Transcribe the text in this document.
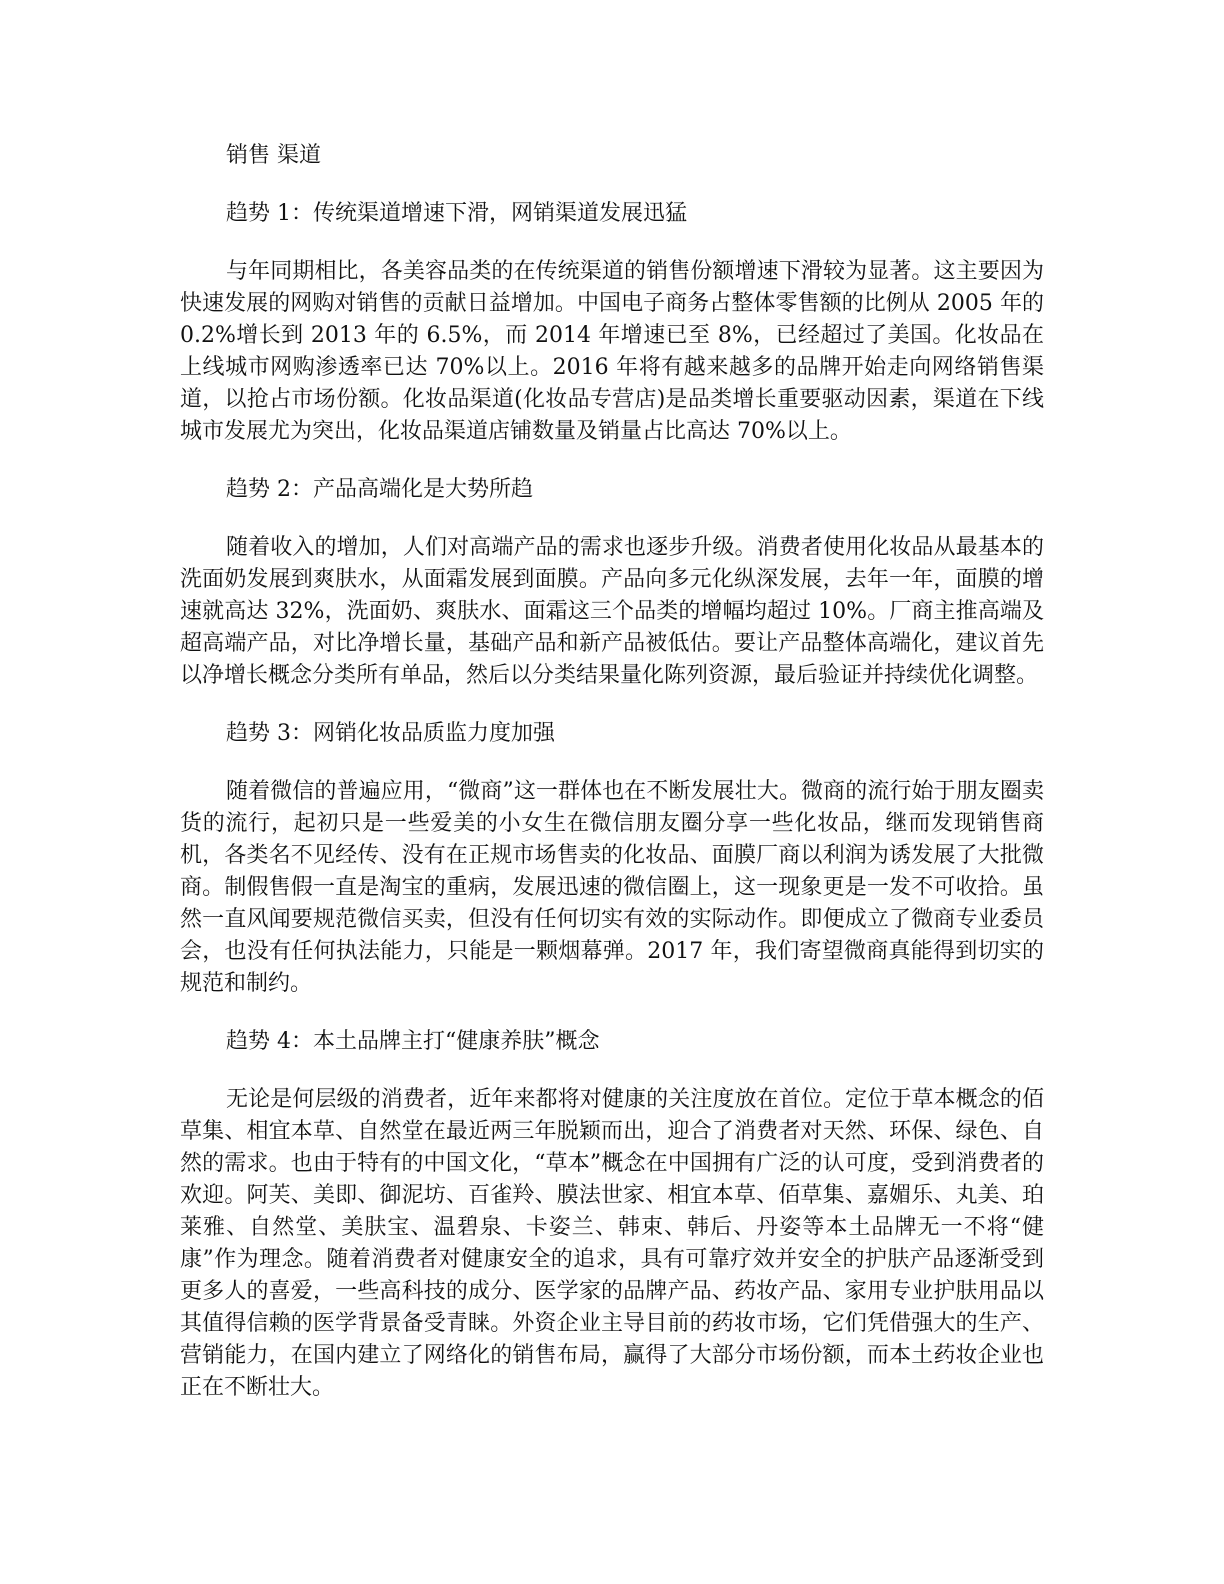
销售 渠道

趋势 1：传统渠道增速下滑，网销渠道发展迅猛

与年同期相比，各美容品类的在传统渠道的销售份额增速下滑较为显著。这主要因为快速发展的网购对销售的贡献日益增加。中国电子商务占整体零售额的比例从 2005 年的 0.2%增长到 2013 年的 6.5%，而 2014 年增速已至 8%，已经超过了美国。化妆品在上线城市网购渗透率已达 70%以上。2016 年将有越来越多的品牌开始走向网络销售渠道，以抢占市场份额。化妆品渠道(化妆品专营店)是品类增长重要驱动因素，渠道在下线城市发展尤为突出，化妆品渠道店铺数量及销量占比高达 70%以上。

趋势 2：产品高端化是大势所趋

随着收入的增加，人们对高端产品的需求也逐步升级。消费者使用化妆品从最基本的洗面奶发展到爽肤水，从面霜发展到面膜。产品向多元化纵深发展，去年一年，面膜的增速就高达 32%，洗面奶、爽肤水、面霜这三个品类的增幅均超过 10%。厂商主推高端及超高端产品，对比净增长量，基础产品和新产品被低估。要让产品整体高端化，建议首先以净增长概念分类所有单品，然后以分类结果量化陈列资源，最后验证并持续优化调整。

趋势 3：网销化妆品质监力度加强

随着微信的普遍应用，“微商”这一群体也在不断发展壮大。微商的流行始于朋友圈卖货的流行，起初只是一些爱美的小女生在微信朋友圈分享一些化妆品，继而发现销售商机，各类名不见经传、没有在正规市场售卖的化妆品、面膜厂商以利润为诱发展了大批微商。制假售假一直是淘宝的重病，发展迅速的微信圈上，这一现象更是一发不可收拾。虽然一直风闻要规范微信买卖，但没有任何切实有效的实际动作。即便成立了微商专业委员会，也没有任何执法能力，只能是一颗烟幕弹。2017 年，我们寄望微商真能得到切实的规范和制约。

趋势 4：本土品牌主打“健康养肤”概念

无论是何层级的消费者，近年来都将对健康的关注度放在首位。定位于草本概念的佰草集、相宜本草、自然堂在最近两三年脱颖而出，迎合了消费者对天然、环保、绿色、自然的需求。也由于特有的中国文化，“草本”概念在中国拥有广泛的认可度，受到消费者的欢迎。阿芙、美即、御泥坊、百雀羚、膜法世家、相宜本草、佰草集、嘉媚乐、丸美、珀莱雅、自然堂、美肤宝、温碧泉、卡姿兰、韩束、韩后、丹姿等本土品牌无一不将“健康”作为理念。随着消费者对健康安全的追求，具有可靠疗效并安全的护肤产品逐渐受到更多人的喜爱，一些高科技的成分、医学家的品牌产品、药妆产品、家用专业护肤用品以其值得信赖的医学背景备受青睐。外资企业主导目前的药妆市场，它们凭借强大的生产、营销能力，在国内建立了网络化的销售布局，赢得了大部分市场份额，而本土药妆企业也正在不断壮大。
